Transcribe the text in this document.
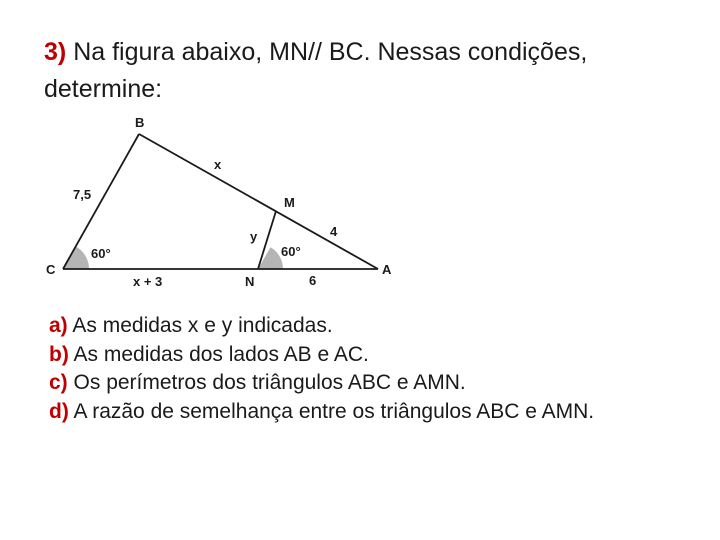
3) Na figura abaixo, MN// BC. Nessas condições, determine:
B
C	A
M
N
7,5
x
y	4
x + 3	6
60°	60°
a) As medidas x e y indicadas.
b) As medidas dos lados AB e AC.
c) Os perímetros dos triângulos ABC e AMN.
d) A razão de semelhança entre os triângulos ABC e AMN.
